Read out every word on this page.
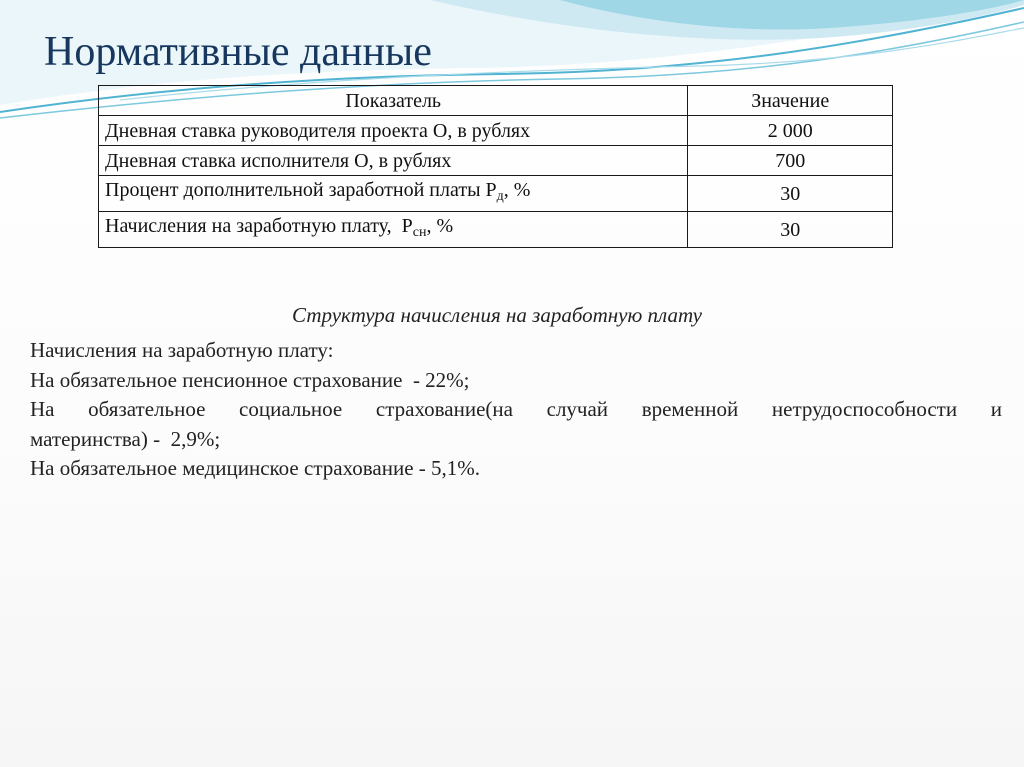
Нормативные данные
Показатель	Значение
Дневная ставка руководителя проекта О, в рублях	2 000
Дневная ставка исполнителя О, в рублях	700
Процент дополнительной заработной платы $Р_д$, %	30
Начисления на заработную плату,  $Р_{сн}$, %	30
Структура начисления на заработную плату

Начисления на заработную плату:

На обязательное пенсионное страхование  - 22%;

На обязательное социальное страхование(на случай временной нетрудоспособности и

материнства) -  2,9%;

На обязательное медицинское страхование - 5,1%.
